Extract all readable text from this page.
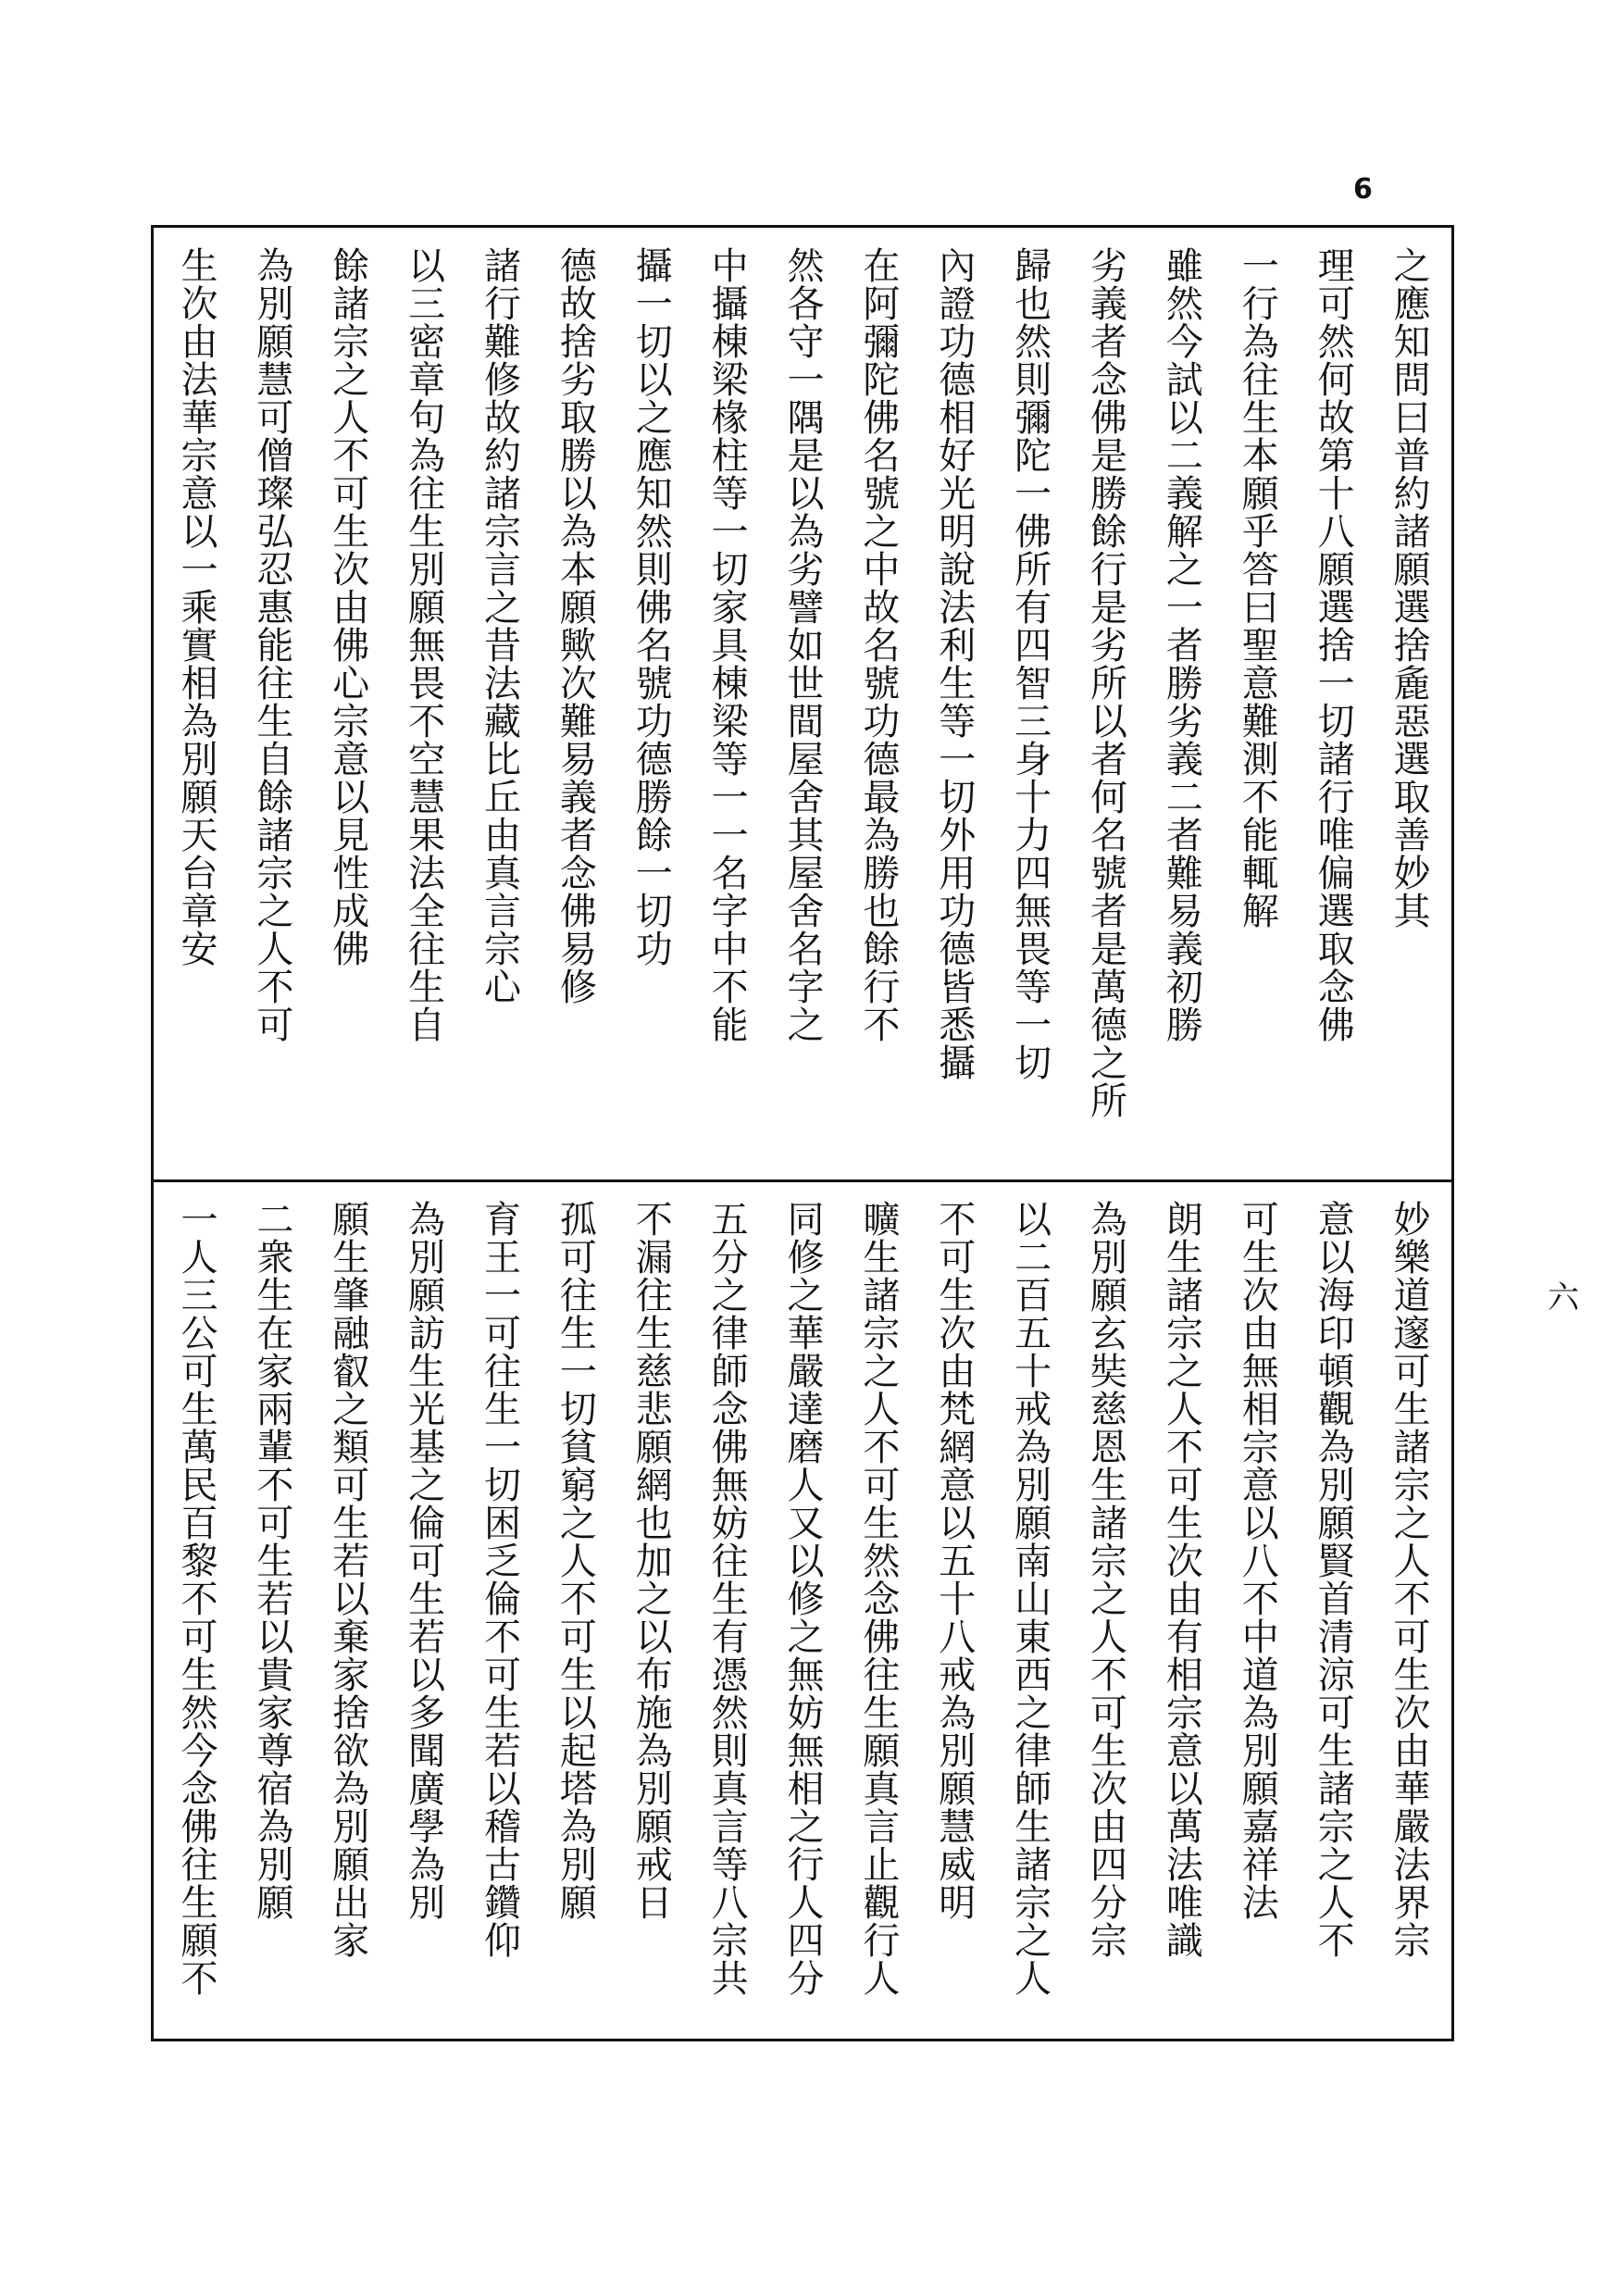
6
六
之應知問曰普約諸願選捨麁惡選取善妙其
理可然何故第十八願選捨一切諸行唯偏選取念佛
一行為往生本願乎答曰聖意難測不能輒解
雖然今試以二義解之一者勝劣義二者難易義初勝
劣義者念佛是勝餘行是劣所以者何名號者是萬德之所
歸也然則彌陀一佛所有四智三身十力四無畏等一切
內證功德相好光明說法利生等一切外用功德皆悉攝
在阿彌陀佛名號之中故名號功德最為勝也餘行不
然各守一隅是以為劣譬如世間屋舍其屋舍名字之
中攝棟梁椽柱等一切家具棟梁等一一名字中不能
攝一切以之應知然則佛名號功德勝餘一切功
德故捨劣取勝以為本願歟次難易義者念佛易修
諸行難修故約諸宗言之昔法藏比丘由真言宗心
以三密章句為往生別願無畏不空慧果法全往生自
餘諸宗之人不可生次由佛心宗意以見性成佛
為別願慧可僧璨弘忍惠能往生自餘諸宗之人不可
生次由法華宗意以一乘實相為別願天台章安
妙樂道邃可生諸宗之人不可生次由華嚴法界宗
意以海印頓觀為別願賢首清涼可生諸宗之人不
可生次由無相宗意以八不中道為別願嘉祥法
朗生諸宗之人不可生次由有相宗意以萬法唯識
為別願玄奘慈恩生諸宗之人不可生次由四分宗
以二百五十戒為別願南山東西之律師生諸宗之人
不可生次由梵網意以五十八戒為別願慧威明
曠生諸宗之人不可生然念佛往生願真言止觀行人
同修之華嚴達磨人又以修之無妨無相之行人四分
五分之律師念佛無妨往生有憑然則真言等八宗共
不漏往生慈悲願網也加之以布施為別願戒日
孤可往生一切貧窮之人不可生以起塔為別願
育王一可往生一切困乏倫不可生若以稽古鑽仰
為別願訪生光基之倫可生若以多聞廣學為別
願生肇融叡之類可生若以棄家捨欲為別願出家
二衆生在家兩輩不可生若以貴家尊宿為別願
一人三公可生萬民百黎不可生然今念佛往生願不
